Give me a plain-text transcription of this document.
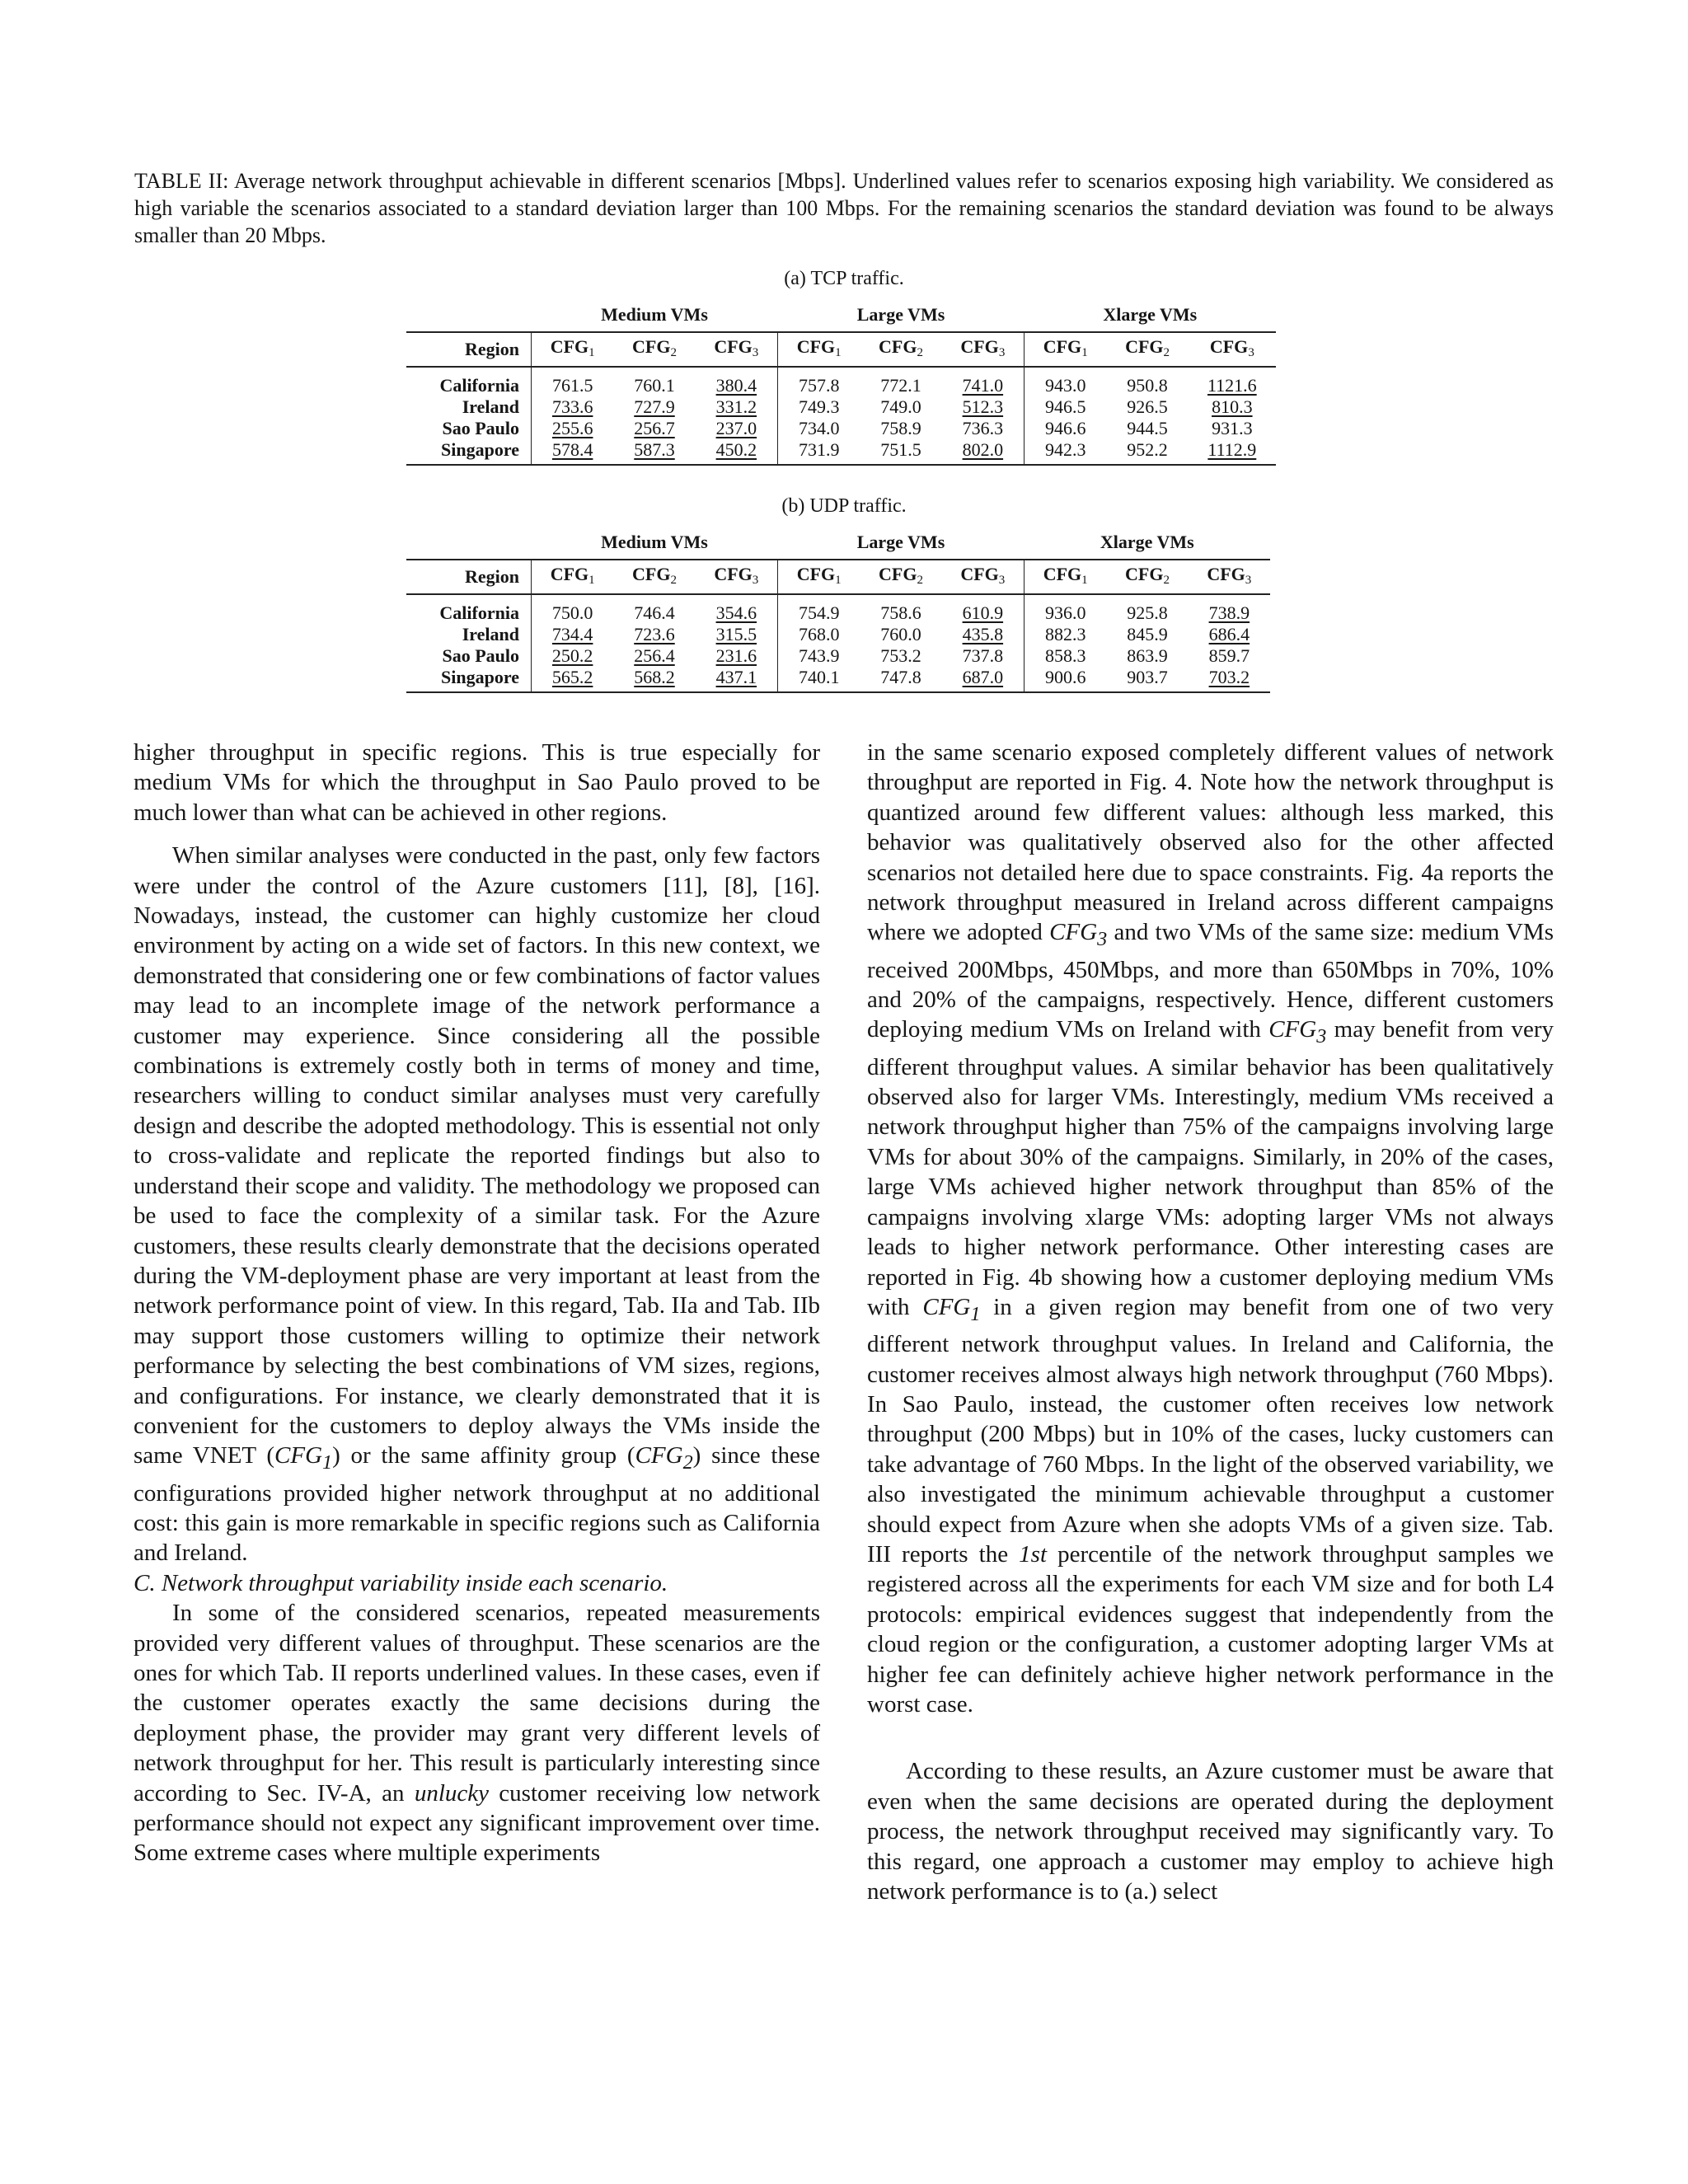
TABLE II: Average network throughput achievable in different scenarios [Mbps]. Underlined values refer to scenarios exposing high variability. We considered as high variable the scenarios associated to a standard deviation larger than 100 Mbps. For the remaining scenarios the standard deviation was found to be always smaller than 20 Mbps.
(a) TCP traffic.
	Medium VMs			Large VMs			Xlarge VMs		
Region	$CFG_1$	$CFG_2$	$CFG_3$	$CFG_1$	$CFG_2$	$CFG_3$	$CFG_1$	$CFG_2$	$CFG_3$
California	761.5	760.1	380.4	757.8	772.1	741.0	943.0	950.8	1121.6
Ireland	733.6	727.9	331.2	749.3	749.0	512.3	946.5	926.5	810.3
Sao Paulo	255.6	256.7	237.0	734.0	758.9	736.3	946.6	944.5	931.3
Singapore	578.4	587.3	450.2	731.9	751.5	802.0	942.3	952.2	1112.9
(b) UDP traffic.
	Medium VMs			Large VMs			Xlarge VMs		
Region	$CFG_1$	$CFG_2$	$CFG_3$	$CFG_1$	$CFG_2$	$CFG_3$	$CFG_1$	$CFG_2$	$CFG_3$
California	750.0	746.4	354.6	754.9	758.6	610.9	936.0	925.8	738.9
Ireland	734.4	723.6	315.5	768.0	760.0	435.8	882.3	845.9	686.4
Sao Paulo	250.2	256.4	231.6	743.9	753.2	737.8	858.3	863.9	859.7
Singapore	565.2	568.2	437.1	740.1	747.8	687.0	900.6	903.7	703.2

higher throughput in specific regions. This is true especially for medium VMs for which the throughput in Sao Paulo proved to be much lower than what can be achieved in other regions.

When similar analyses were conducted in the past, only few factors were under the control of the Azure customers [11], [8], [16]. Nowadays, instead, the customer can highly customize her cloud environment by acting on a wide set of factors. In this new context, we demonstrated that considering one or few combinations of factor values may lead to an incomplete image of the network performance a customer may experience. Since considering all the possible combinations is extremely costly both in terms of money and time, researchers willing to conduct similar analyses must very carefully design and describe the adopted methodology. This is essential not only to cross-validate and replicate the reported findings but also to understand their scope and validity. The methodology we proposed can be used to face the complexity of a similar task. For the Azure customers, these results clearly demonstrate that the decisions operated during the VM-deployment phase are very important at least from the network performance point of view. In this regard, Tab. IIa and Tab. IIb may support those customers willing to optimize their network performance by selecting the best combinations of VM sizes, regions, and configurations. For instance, we clearly demonstrated that it is convenient for the customers to deploy always the VMs inside the same VNET $(CFG_1)$ or the same affinity group $(CFG_2)$ since these configurations provided higher network throughput at no additional cost: this gain is more remarkable in specific regions such as California and Ireland.

C. Network throughput variability inside each scenario.

In some of the considered scenarios, repeated measurements provided very different values of throughput. These scenarios are the ones for which Tab. II reports underlined values. In these cases, even if the customer operates exactly the same decisions during the deployment phase, the provider may grant very different levels of network throughput for her. This result is particularly interesting since according to Sec. IV-A, an unlucky customer receiving low network performance should not expect any significant improvement over time. Some extreme cases where multiple experiments

in the same scenario exposed completely different values of network throughput are reported in Fig. 4. Note how the network throughput is quantized around few different values: although less marked, this behavior was qualitatively observed also for the other affected scenarios not detailed here due to space constraints. Fig. 4a reports the network throughput measured in Ireland across different campaigns where we adopted $CFG_3$ and two VMs of the same size: medium VMs received 200Mbps, 450Mbps, and more than 650Mbps in 70%, 10% and 20% of the campaigns, respectively. Hence, different customers deploying medium VMs on Ireland with $CFG_3$ may benefit from very different throughput values. A similar behavior has been qualitatively observed also for larger VMs. Interestingly, medium VMs received a network throughput higher than 75% of the campaigns involving large VMs for about 30% of the campaigns. Similarly, in 20% of the cases, large VMs achieved higher network throughput than 85% of the campaigns involving xlarge VMs: adopting larger VMs not always leads to higher network performance. Other interesting cases are reported in Fig. 4b showing how a customer deploying medium VMs with $CFG_1$ in a given region may benefit from one of two very different network throughput values. In Ireland and California, the customer receives almost always high network throughput (760 Mbps). In Sao Paulo, instead, the customer often receives low network throughput (200 Mbps) but in 10% of the cases, lucky customers can take advantage of 760 Mbps. In the light of the observed variability, we also investigated the minimum achievable throughput a customer should expect from Azure when she adopts VMs of a given size. Tab. III reports the 1st percentile of the network throughput samples we registered across all the experiments for each VM size and for both L4 protocols: empirical evidences suggest that independently from the cloud region or the configuration, a customer adopting larger VMs at higher fee can definitely achieve higher network performance in the worst case.

According to these results, an Azure customer must be aware that even when the same decisions are operated during the deployment process, the network throughput received may significantly vary. To this regard, one approach a customer may employ to achieve high network performance is to (a.) select
